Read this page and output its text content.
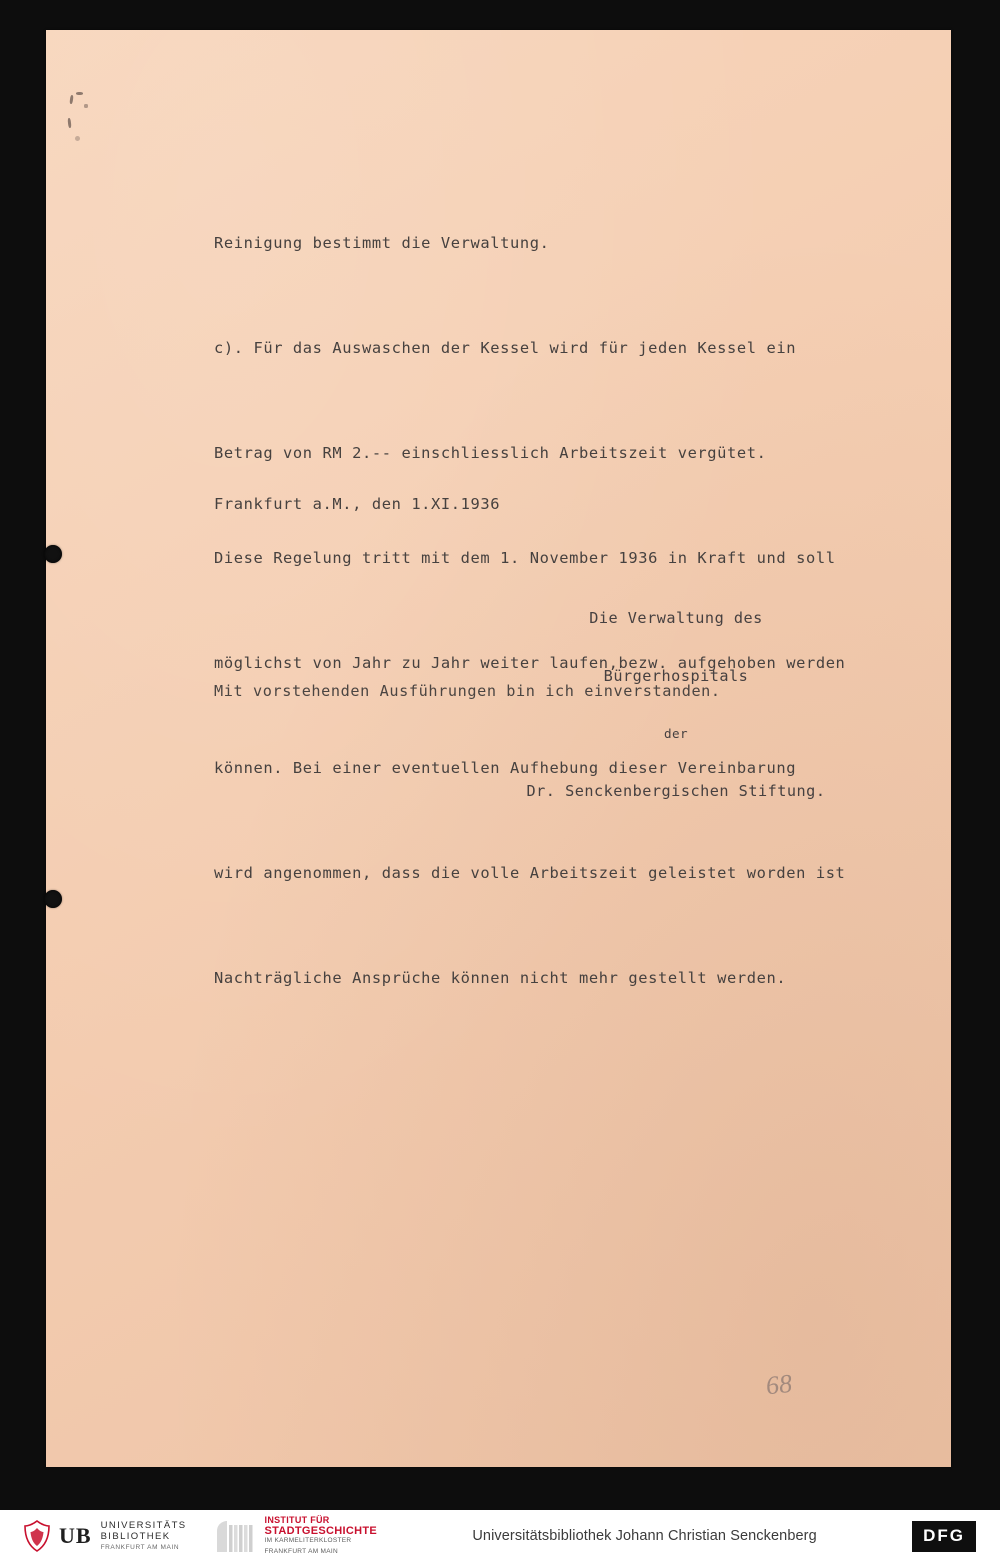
Reinigung bestimmt die Verwaltung.

c). Für das Auswaschen der Kessel wird für jeden Kessel ein

Betrag von RM 2.-- einschliesslich Arbeitszeit vergütet.

Diese Regelung tritt mit dem 1. November 1936 in Kraft und soll

möglichst von Jahr zu Jahr weiter laufen,bezw. aufgehoben werden

können. Bei einer eventuellen Aufhebung dieser Vereinbarung

wird angenommen, dass die volle Arbeitszeit geleistet worden ist

Nachträgliche Ansprüche können nicht mehr gestellt werden.

Frankfurt a.M., den 1.XI.1936

Die Verwaltung des

Bürgerhospitals

der

Dr. Senckenbergischen Stiftung.

Mit vorstehenden Ausführungen bin ich einverstanden.
68
UB UNIVERSITÄTS
BIBLIOTHEK
FRANKFURT AM MAIN
INSTITUT FÜR
STADTGESCHICHTE
IM KARMELITERKLOSTER
FRANKFURT AM MAIN
Universitätsbibliothek Johann Christian Senckenberg	DFG
